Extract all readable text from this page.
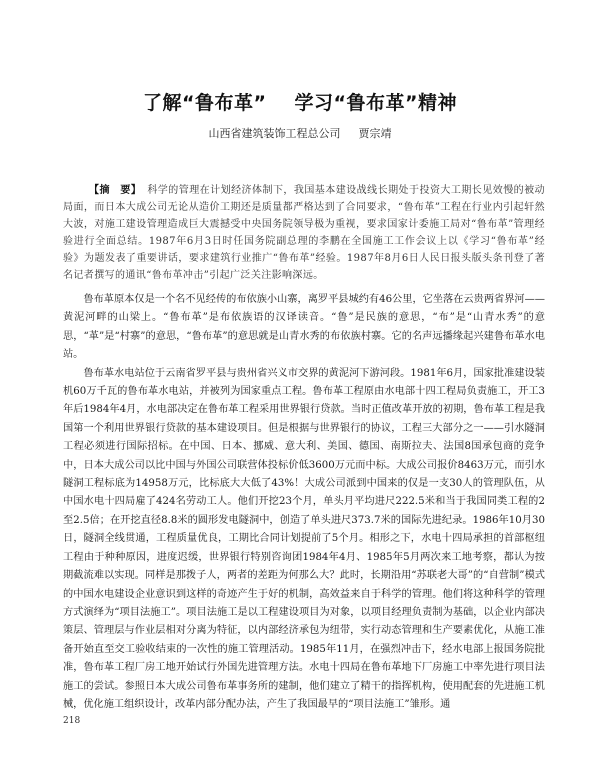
了解“鲁布革” 学习“鲁布革”精神
山西省建筑装饰工程总公司 贾宗靖
【摘　要】 科学的管理在计划经济体制下，我国基本建设战线长期处于投资大工期长见效慢的被动局面，而日本大成公司无论从造价工期还是质量都严格达到了合同要求，“鲁布革”工程在行业内引起轩然大波，对施工建设管理造成巨大震撼受中央国务院领导极为重视，要求国家计委施工局对“鲁布革”管理经验进行全面总结。1987年6月3日时任国务院副总理的李鹏在全国施工工作会议上以《学习“鲁布革”经验》为题发表了重要讲话，要求建筑行业推广“鲁布革”经验。1987年8月6日人民日报头版头条刊登了著名记者撰写的通讯“鲁布革冲击”引起广泛关注影响深远。

鲁布革原本仅是一个名不见经传的布依族小山寨，离罗平县城约有46公里，它坐落在云贵两省界河——黄泥河畔的山梁上。“鲁布革”是布依族语的汉译读音。“鲁”是民族的意思，“布”是“山青水秀”的意思，“革”是“村寨”的意思，“鲁布革”的意思就是山青水秀的布依族村寨。它的名声远播缘起兴建鲁布革水电站。

鲁布革水电站位于云南省罗平县与贵州省兴义市交界的黄泥河下游河段。1981年6月，国家批准建设装机60万千瓦的鲁布革水电站，并被列为国家重点工程。鲁布革工程原由水电部十四工程局负责施工，开工3年后1984年4月，水电部决定在鲁布革工程采用世界银行贷款。当时正值改革开放的初期，鲁布革工程是我国第一个利用世界银行贷款的基本建设项目。但是根据与世界银行的协议，工程三大部分之一——引水隧洞工程必须进行国际招标。在中国、日本、挪威、意大利、美国、德国、南斯拉夫、法国8国承包商的竞争中，日本大成公司以比中国与外国公司联营体投标价低3600万元而中标。大成公司报价8463万元，而引水隧洞工程标底为14958万元，比标底大大低了43%！大成公司派到中国来的仅是一支30人的管理队伍，从中国水电十四局雇了424名劳动工人。他们开挖23个月，单头月平均进尺222.5米和当于我国同类工程的2至2.5倍；在开挖直径8.8米的圆形发电隧洞中，创造了单头进尺373.7米的国际先进纪录。1986年10月30日，隧洞全线贯通，工程质量优良，工期比合同计划提前了5个月。相形之下，水电十四局承担的首部枢纽工程由于种种原因，进度迟缓，世界银行特别咨询团1984年4月、1985年5月两次来工地考察，都认为按期截流难以实现。同样是那拨子人，两者的差距为何那么大？此时，长期沿用“苏联老大哥”的“自营制”模式的中国水电建设企业意识到这样的奇迹产生于好的机制，高效益来自于科学的管理。他们将这种科学的管理方式演绎为“项目法施工”。项目法施工是以工程建设项目为对象，以项目经理负责制为基础，以企业内部决策层、管理层与作业层相对分离为特征，以内部经济承包为纽带，实行动态管理和生产要素优化，从施工准备开始直至交工验收结束的一次性的施工管理活动。1985年11月，在强烈冲击下，经水电部上报国务院批准，鲁布革工程厂房工地开始试行外国先进管理方法。水电十四局在鲁布革地下厂房施工中率先进行项目法施工的尝试。参照日本大成公司鲁布革事务所的建制，他们建立了精干的指挥机构，使用配套的先进施工机械，优化施工组织设计，改革内部分配办法，产生了我国最早的“项目法施工”雏形。通

218
